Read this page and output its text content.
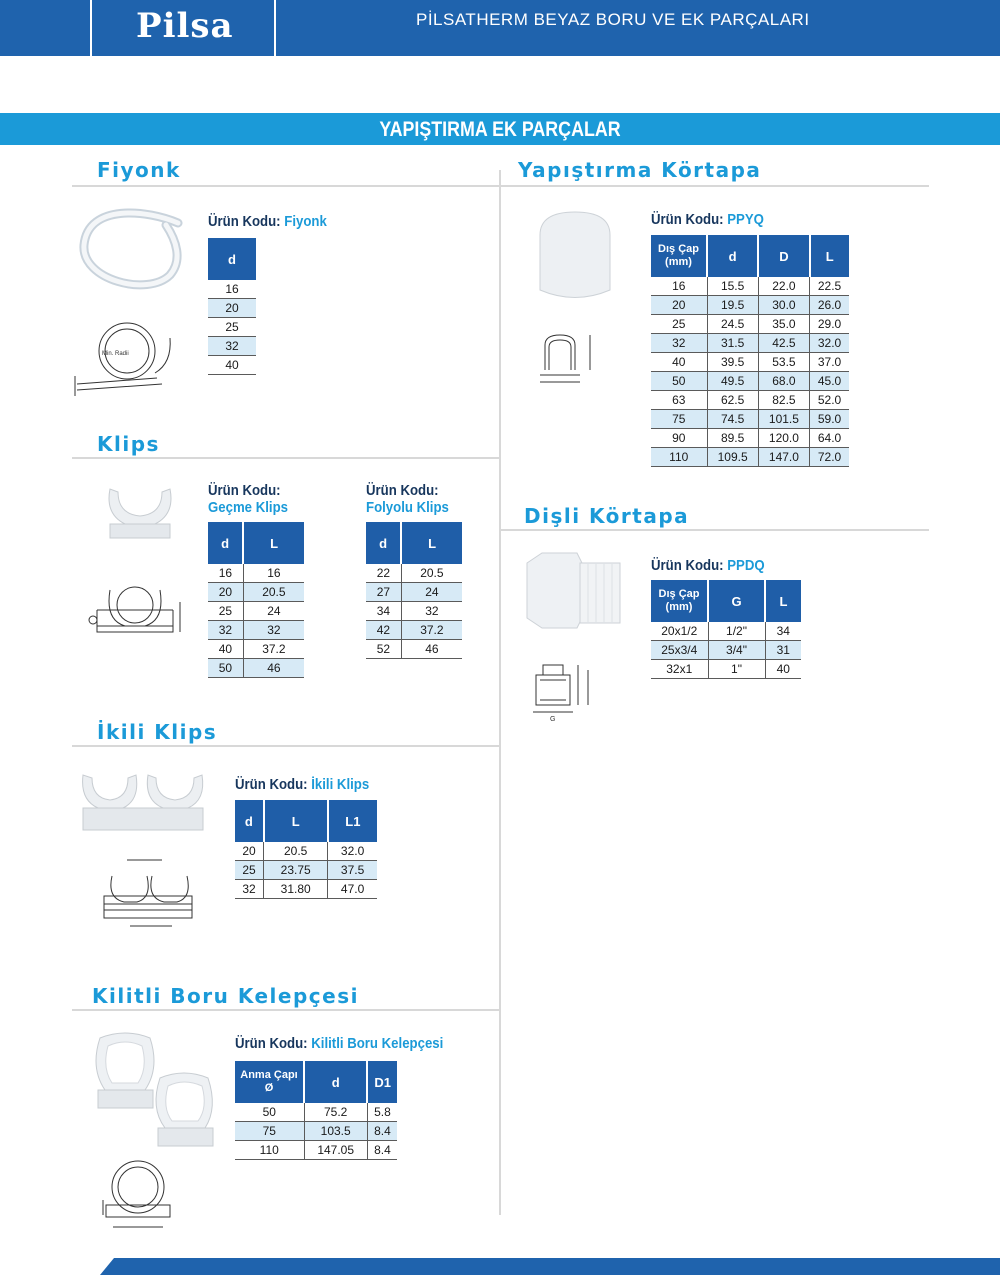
Pilsa	PİLSATHERM BEYAZ BORU VE EK PARÇALARI
YAPIŞTIRMA EK PARÇALAR
Fiyonk
Min. Radii
Ürün Kodu: Fiyonk
d
16
20
25
32
40
Klips
Ürün Kodu:
Geçme Klips
d	L
16	16
20	20.5
25	24
32	32
40	37.2
50	46
Ürün Kodu:
Folyolu Klips
d	L
22	20.5
27	24
34	32
42	37.2
52	46
İkili Klips
Ürün Kodu: İkili Klips
d	L	L1
20	20.5	32.0
25	23.75	37.5
32	31.80	47.0
Kilitli Boru Kelepçesi
Ürün Kodu: Kilitli Boru Kelepçesi
Anma Çapı Ø	d	D1
50	75.2	5.8
75	103.5	8.4
110	147.05	8.4
Yapıştırma Körtapa
Ürün Kodu: PPYQ
Dış Çap (mm)	d	D	L
16	15.5	22.0	22.5
20	19.5	30.0	26.0
25	24.5	35.0	29.0
32	31.5	42.5	32.0
40	39.5	53.5	37.0
50	49.5	68.0	45.0
63	62.5	82.5	52.0
75	74.5	101.5	59.0
90	89.5	120.0	64.0
110	109.5	147.0	72.0
Dişli Körtapa
G
Ürün Kodu: PPDQ
Dış Çap (mm)	G	L
20x1/2	1/2"	34
25x3/4	3/4"	31
32x1	1"	40
